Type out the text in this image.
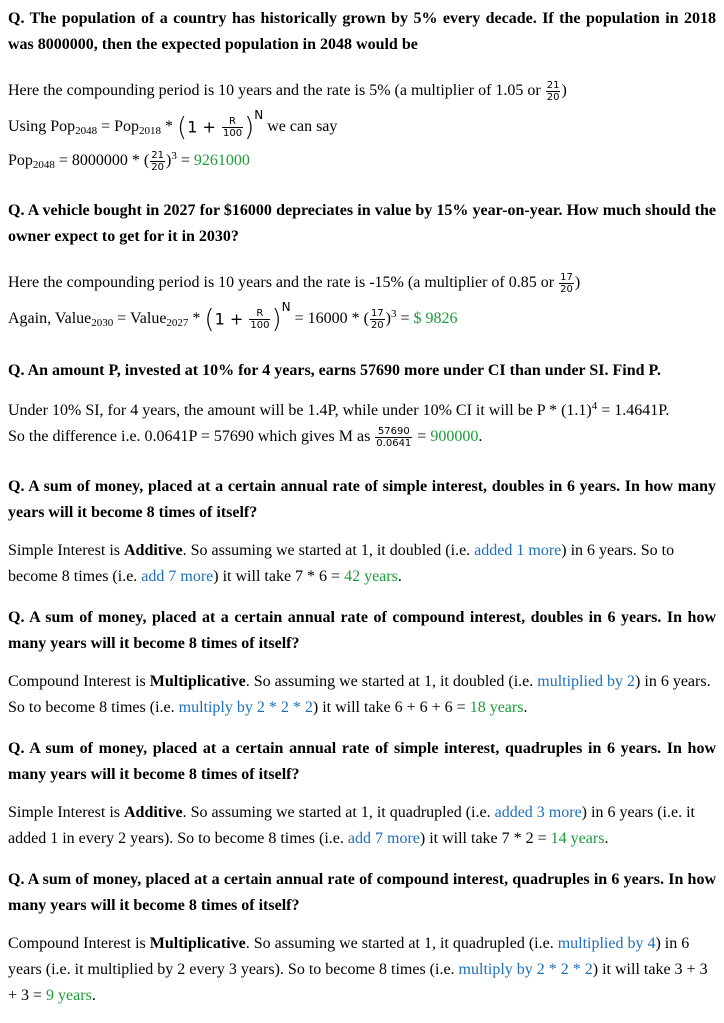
Q. The population of a country has historically grown by 5% every decade. If the population in 2018 was 8000000, then the expected population in 2048 would be
Here the compounding period is 10 years and the rate is 5% (a multiplier of 1.05 or $\frac{21}{20}$ )
Using $Pop_{2048} = Pop_{2018} * (1 + \frac{R}{100} )^N$ we can say
Pop$_{2048}$ = 8000000 * ( $\frac{21}{20} )^3 = 9261000$
Q. A vehicle bought in 2027 for $16000 depreciates in value by 15% year-on-year. How much should the owner expect to get for it in 2030?
Here the compounding period is 10 years and the rate is -15% (a multiplier of 0.85 or $\frac{17}{20}$ )
Again, Value$_{2030}$ = Value$_{2027}$ * $(1 + \frac{R}{100} )^N = 16000$ * ( $\frac{17}{20} )^3$ = $ 9826
Q. An amount P, invested at 10% for 4 years, earns 57690 more under CI than under SI. Find P.
Under 10% SI, for 4 years, the amount will be 1.4P, while under 10% CI it will be $P * (1.1)^4 = 1.4641P$.
So the difference i.e. 0.0641P = 57690 which gives M as $\frac{57690}{0.0641} = 900000$.
Q. A sum of money, placed at a certain annual rate of simple interest, doubles in 6 years. In how many years will it become 8 times of itself?
Simple Interest is Additive. So assuming we started at 1, it doubled (i.e. added 1 more) in 6 years. So to become 8 times (i.e. add 7 more) it will take 7 * 6 = 42 years.
Q. A sum of money, placed at a certain annual rate of compound interest, doubles in 6 years. In how many years will it become 8 times of itself?
Compound Interest is Multiplicative. So assuming we started at 1, it doubled (i.e. multiplied by 2) in 6 years. So to become 8 times (i.e. multiply by 2 * 2 * 2) it will take 6 + 6 + 6 = 18 years.
Q. A sum of money, placed at a certain annual rate of simple interest, quadruples in 6 years. In how many years will it become 8 times of itself?
Simple Interest is Additive. So assuming we started at 1, it quadrupled (i.e. added 3 more) in 6 years (i.e. it added 1 in every 2 years). So to become 8 times (i.e. add 7 more) it will take 7 * 2 = 14 years.
Q. A sum of money, placed at a certain annual rate of compound interest, quadruples in 6 years. In how many years will it become 8 times of itself?
Compound Interest is Multiplicative. So assuming we started at 1, it quadrupled (i.e. multiplied by 4) in 6 years (i.e. it multiplied by 2 every 3 years). So to become 8 times (i.e. multiply by 2 * 2 * 2) it will take 3 + 3 + 3 = 9 years.
